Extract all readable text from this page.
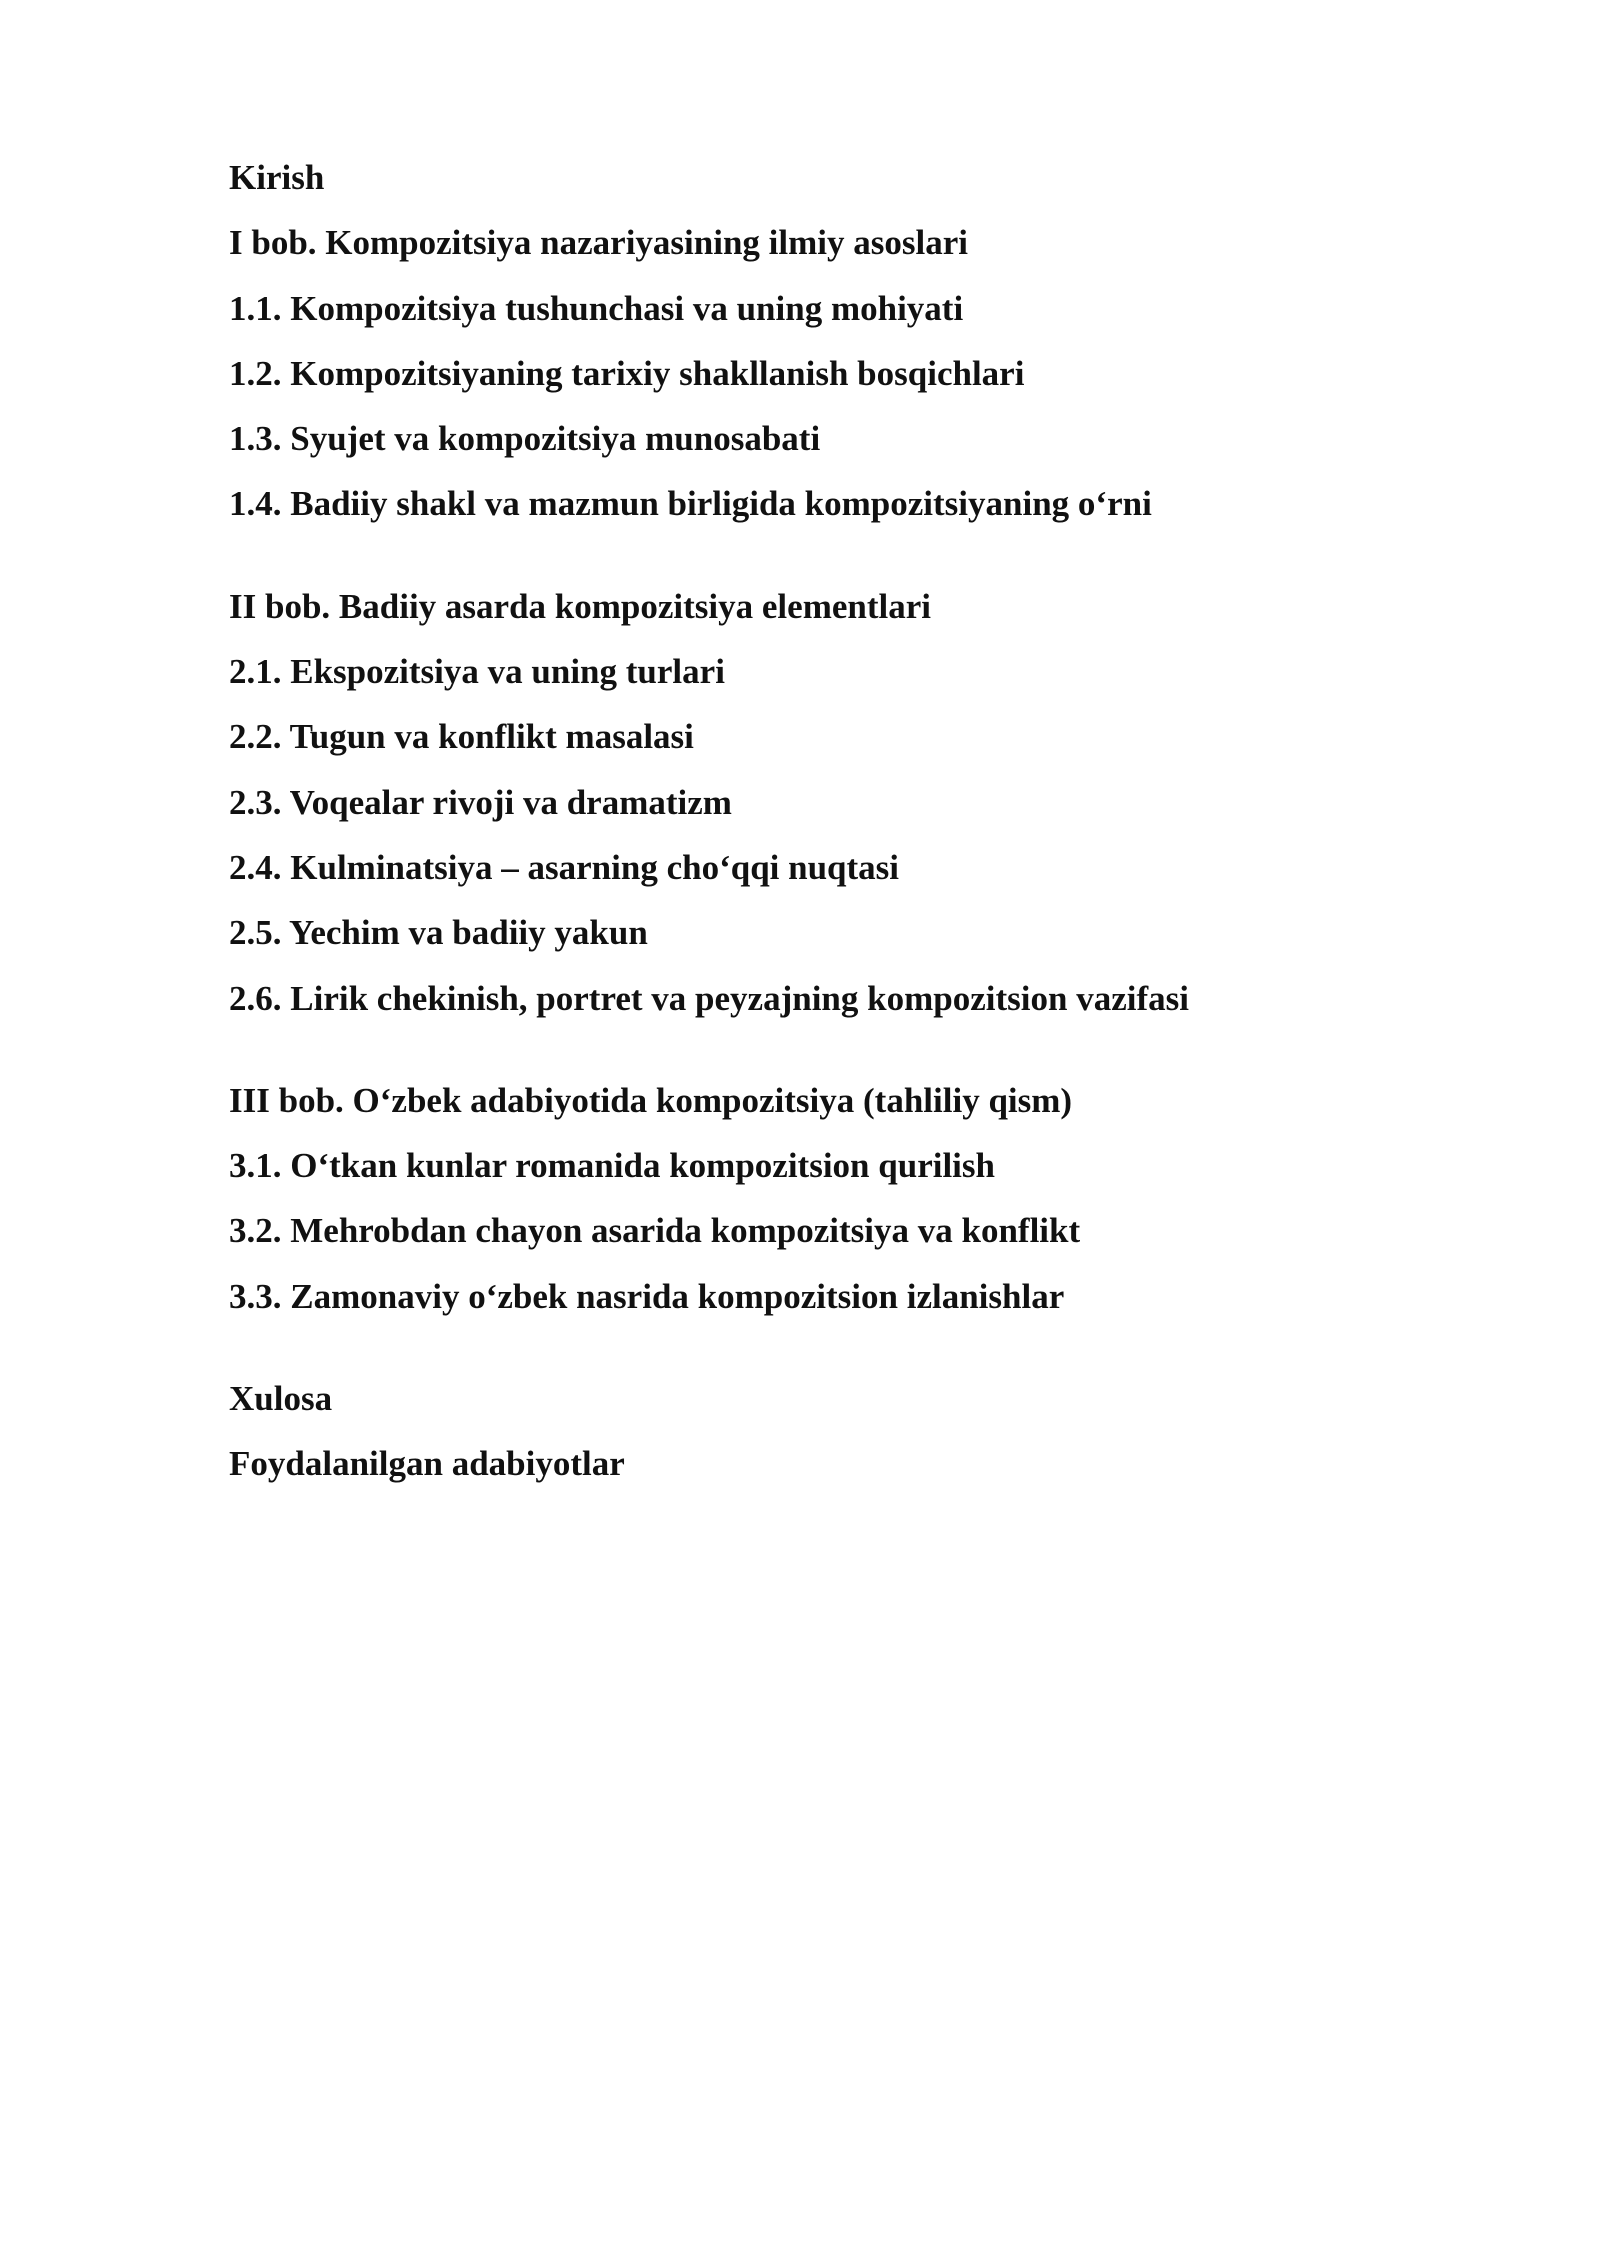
Kirish
I bob. Kompozitsiya nazariyasining ilmiy asoslari
1.1. Kompozitsiya tushunchasi va uning mohiyati
1.2. Kompozitsiyaning tarixiy shakllanish bosqichlari
1.3. Syujet va kompozitsiya munosabati
1.4. Badiiy shakl va mazmun birligida kompozitsiyaning o‘rni
II bob. Badiiy asarda kompozitsiya elementlari
2.1. Ekspozitsiya va uning turlari
2.2. Tugun va konflikt masalasi
2.3. Voqealar rivoji va dramatizm
2.4. Kulminatsiya – asarning cho‘qqi nuqtasi
2.5. Yechim va badiiy yakun
2.6. Lirik chekinish, portret va peyzajning kompozitsion vazifasi
III bob. O‘zbek adabiyotida kompozitsiya (tahliliy qism)
3.1. O‘tkan kunlar romanida kompozitsion qurilish
3.2. Mehrobdan chayon asarida kompozitsiya va konflikt
3.3. Zamonaviy o‘zbek nasrida kompozitsion izlanishlar
Xulosa
Foydalanilgan adabiyotlar
